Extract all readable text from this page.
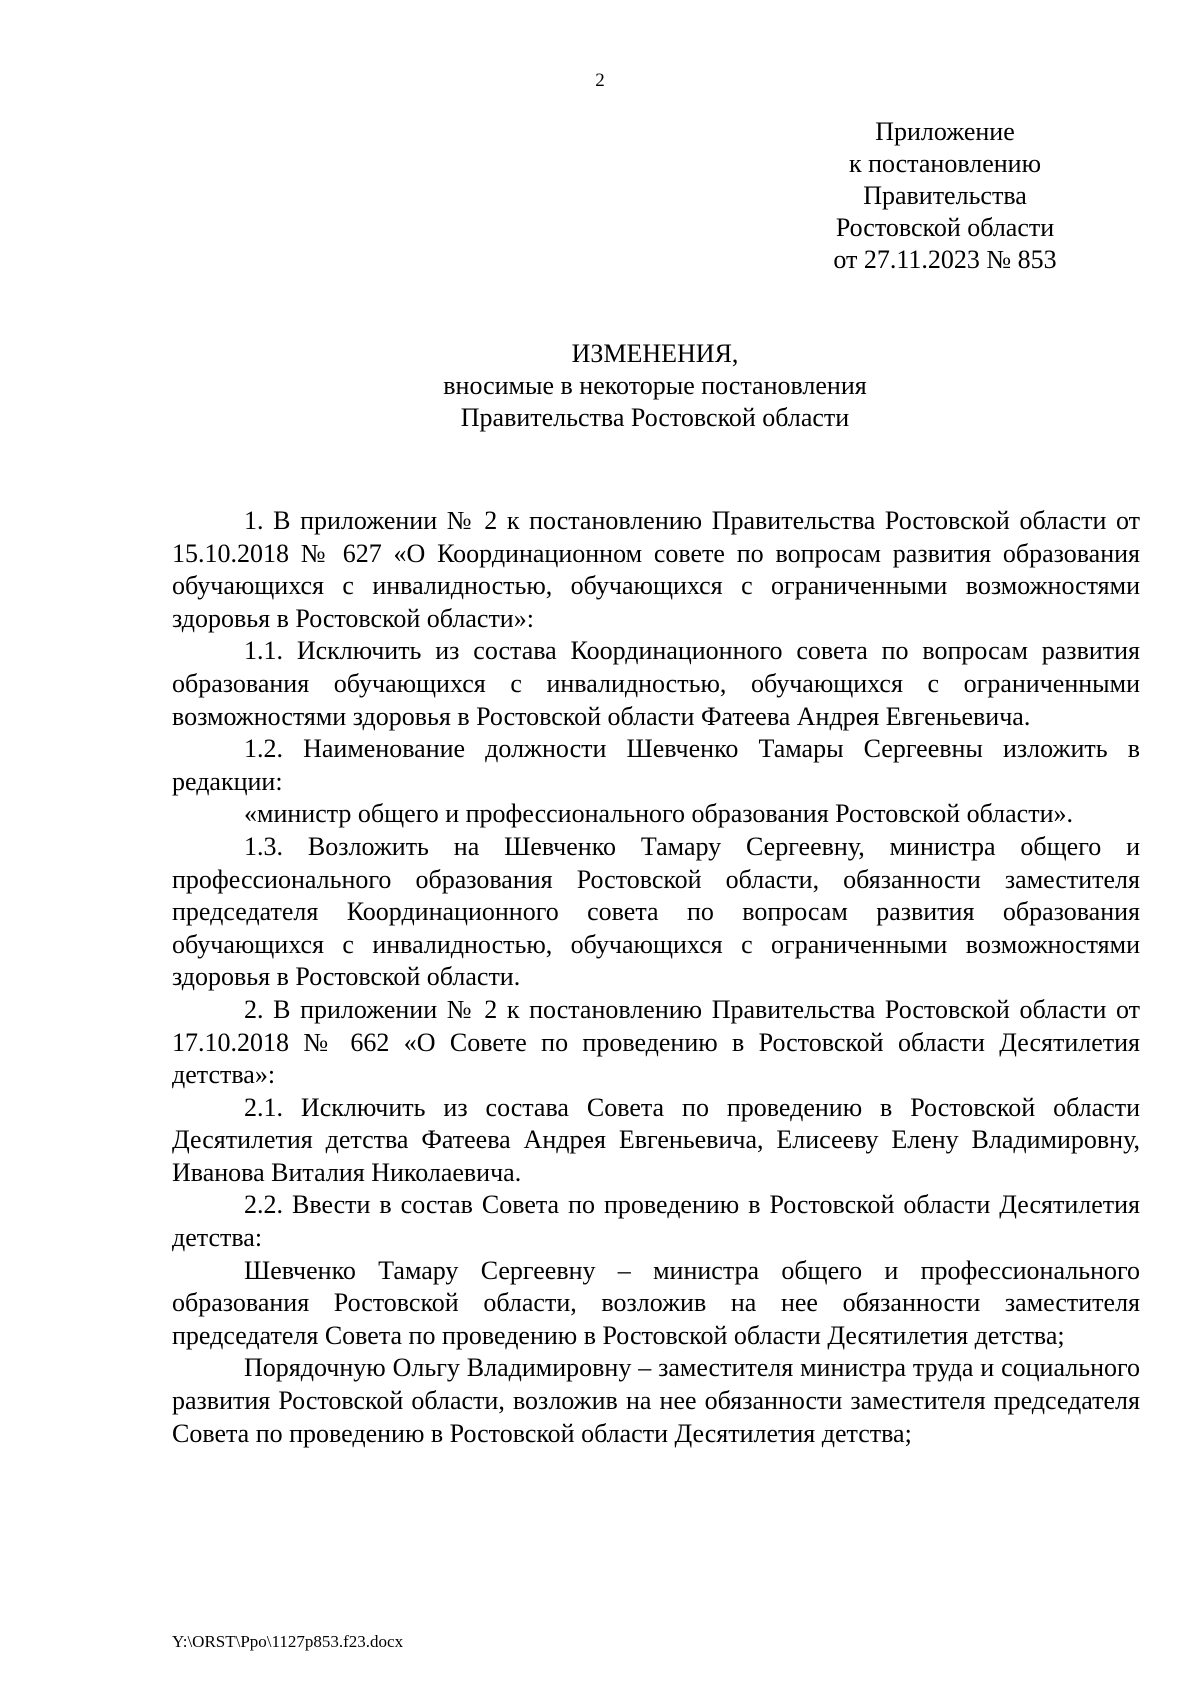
2
Приложение
к постановлению
Правительства
Ростовской области
от 27.11.2023 № 853
ИЗМЕНЕНИЯ,
вносимые в некоторые постановления
Правительства Ростовской области

1. В приложении № 2 к постановлению Правительства Ростовской области от 15.10.2018 № 627 «О Координационном совете по вопросам развития образования обучающихся с инвалидностью, обучающихся с ограниченными возможностями здоровья в Ростовской области»:

1.1. Исключить из состава Координационного совета по вопросам развития образования обучающихся с инвалидностью, обучающихся с ограниченными возможностями здоровья в Ростовской области Фатеева Андрея Евгеньевича.

1.2. Наименование должности Шевченко Тамары Сергеевны изложить в редакции:

«министр общего и профессионального образования Ростовской области».

1.3. Возложить на Шевченко Тамару Сергеевну, министра общего и профессионального образования Ростовской области, обязанности заместителя председателя Координационного совета по вопросам развития образования обучающихся с инвалидностью, обучающихся с ограниченными возможностями здоровья в Ростовской области.

2. В приложении № 2 к постановлению Правительства Ростовской области от 17.10.2018 № 662 «О Совете по проведению в Ростовской области Десятилетия детства»:

2.1. Исключить из состава Совета по проведению в Ростовской области Десятилетия детства Фатеева Андрея Евгеньевича, Елисееву Елену Владимировну, Иванова Виталия Николаевича.

2.2. Ввести в состав Совета по проведению в Ростовской области Десятилетия детства:

Шевченко Тамару Сергеевну – министра общего и профессионального образования Ростовской области, возложив на нее обязанности заместителя председателя Совета по проведению в Ростовской области Десятилетия детства;

Порядочную Ольгу Владимировну – заместителя министра труда и социального развития Ростовской области, возложив на нее обязанности заместителя председателя Совета по проведению в Ростовской области Десятилетия детства;

Y:\ORST\Ppo\1127p853.f23.docx
